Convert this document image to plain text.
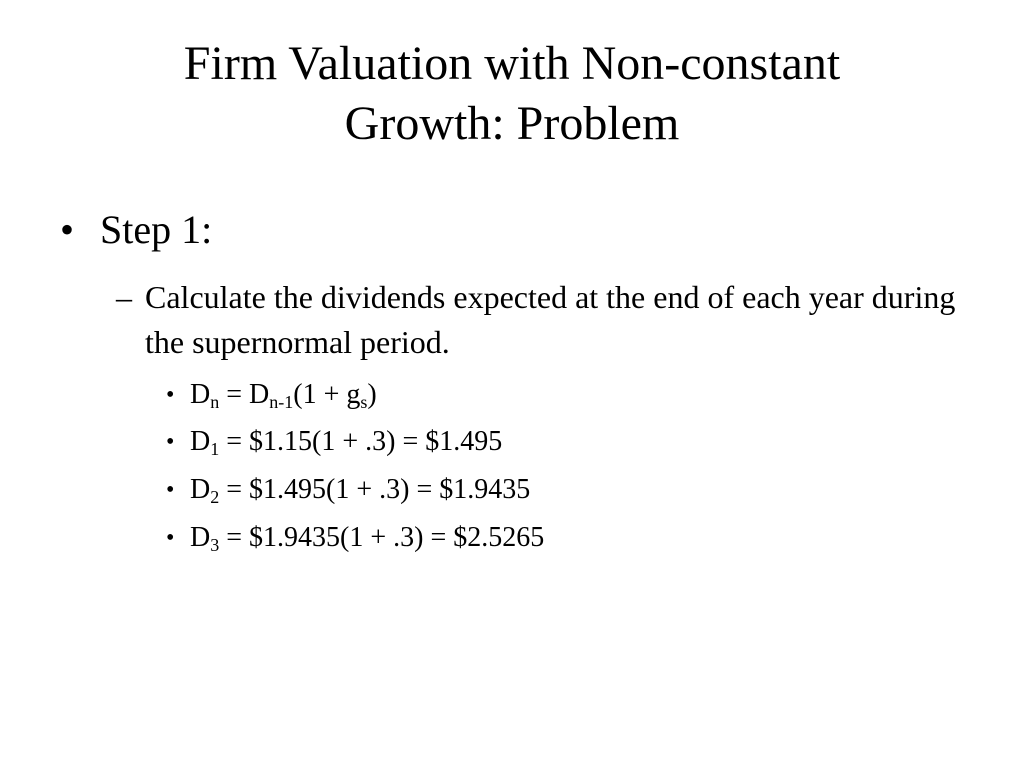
Firm Valuation with Non-constant
Growth: Problem
• Step 1:
– Calculate the dividends expected at the end of each year during the supernormal period.
• $D_n = D_{n-1}(1 + g_s)$
• $D_1$ = $1.15(1 + .3) = $1.495
• $D_2$ = $1.495(1 + .3) = $1.9435
• $D_3$ = $1.9435(1 + .3) = $2.5265
